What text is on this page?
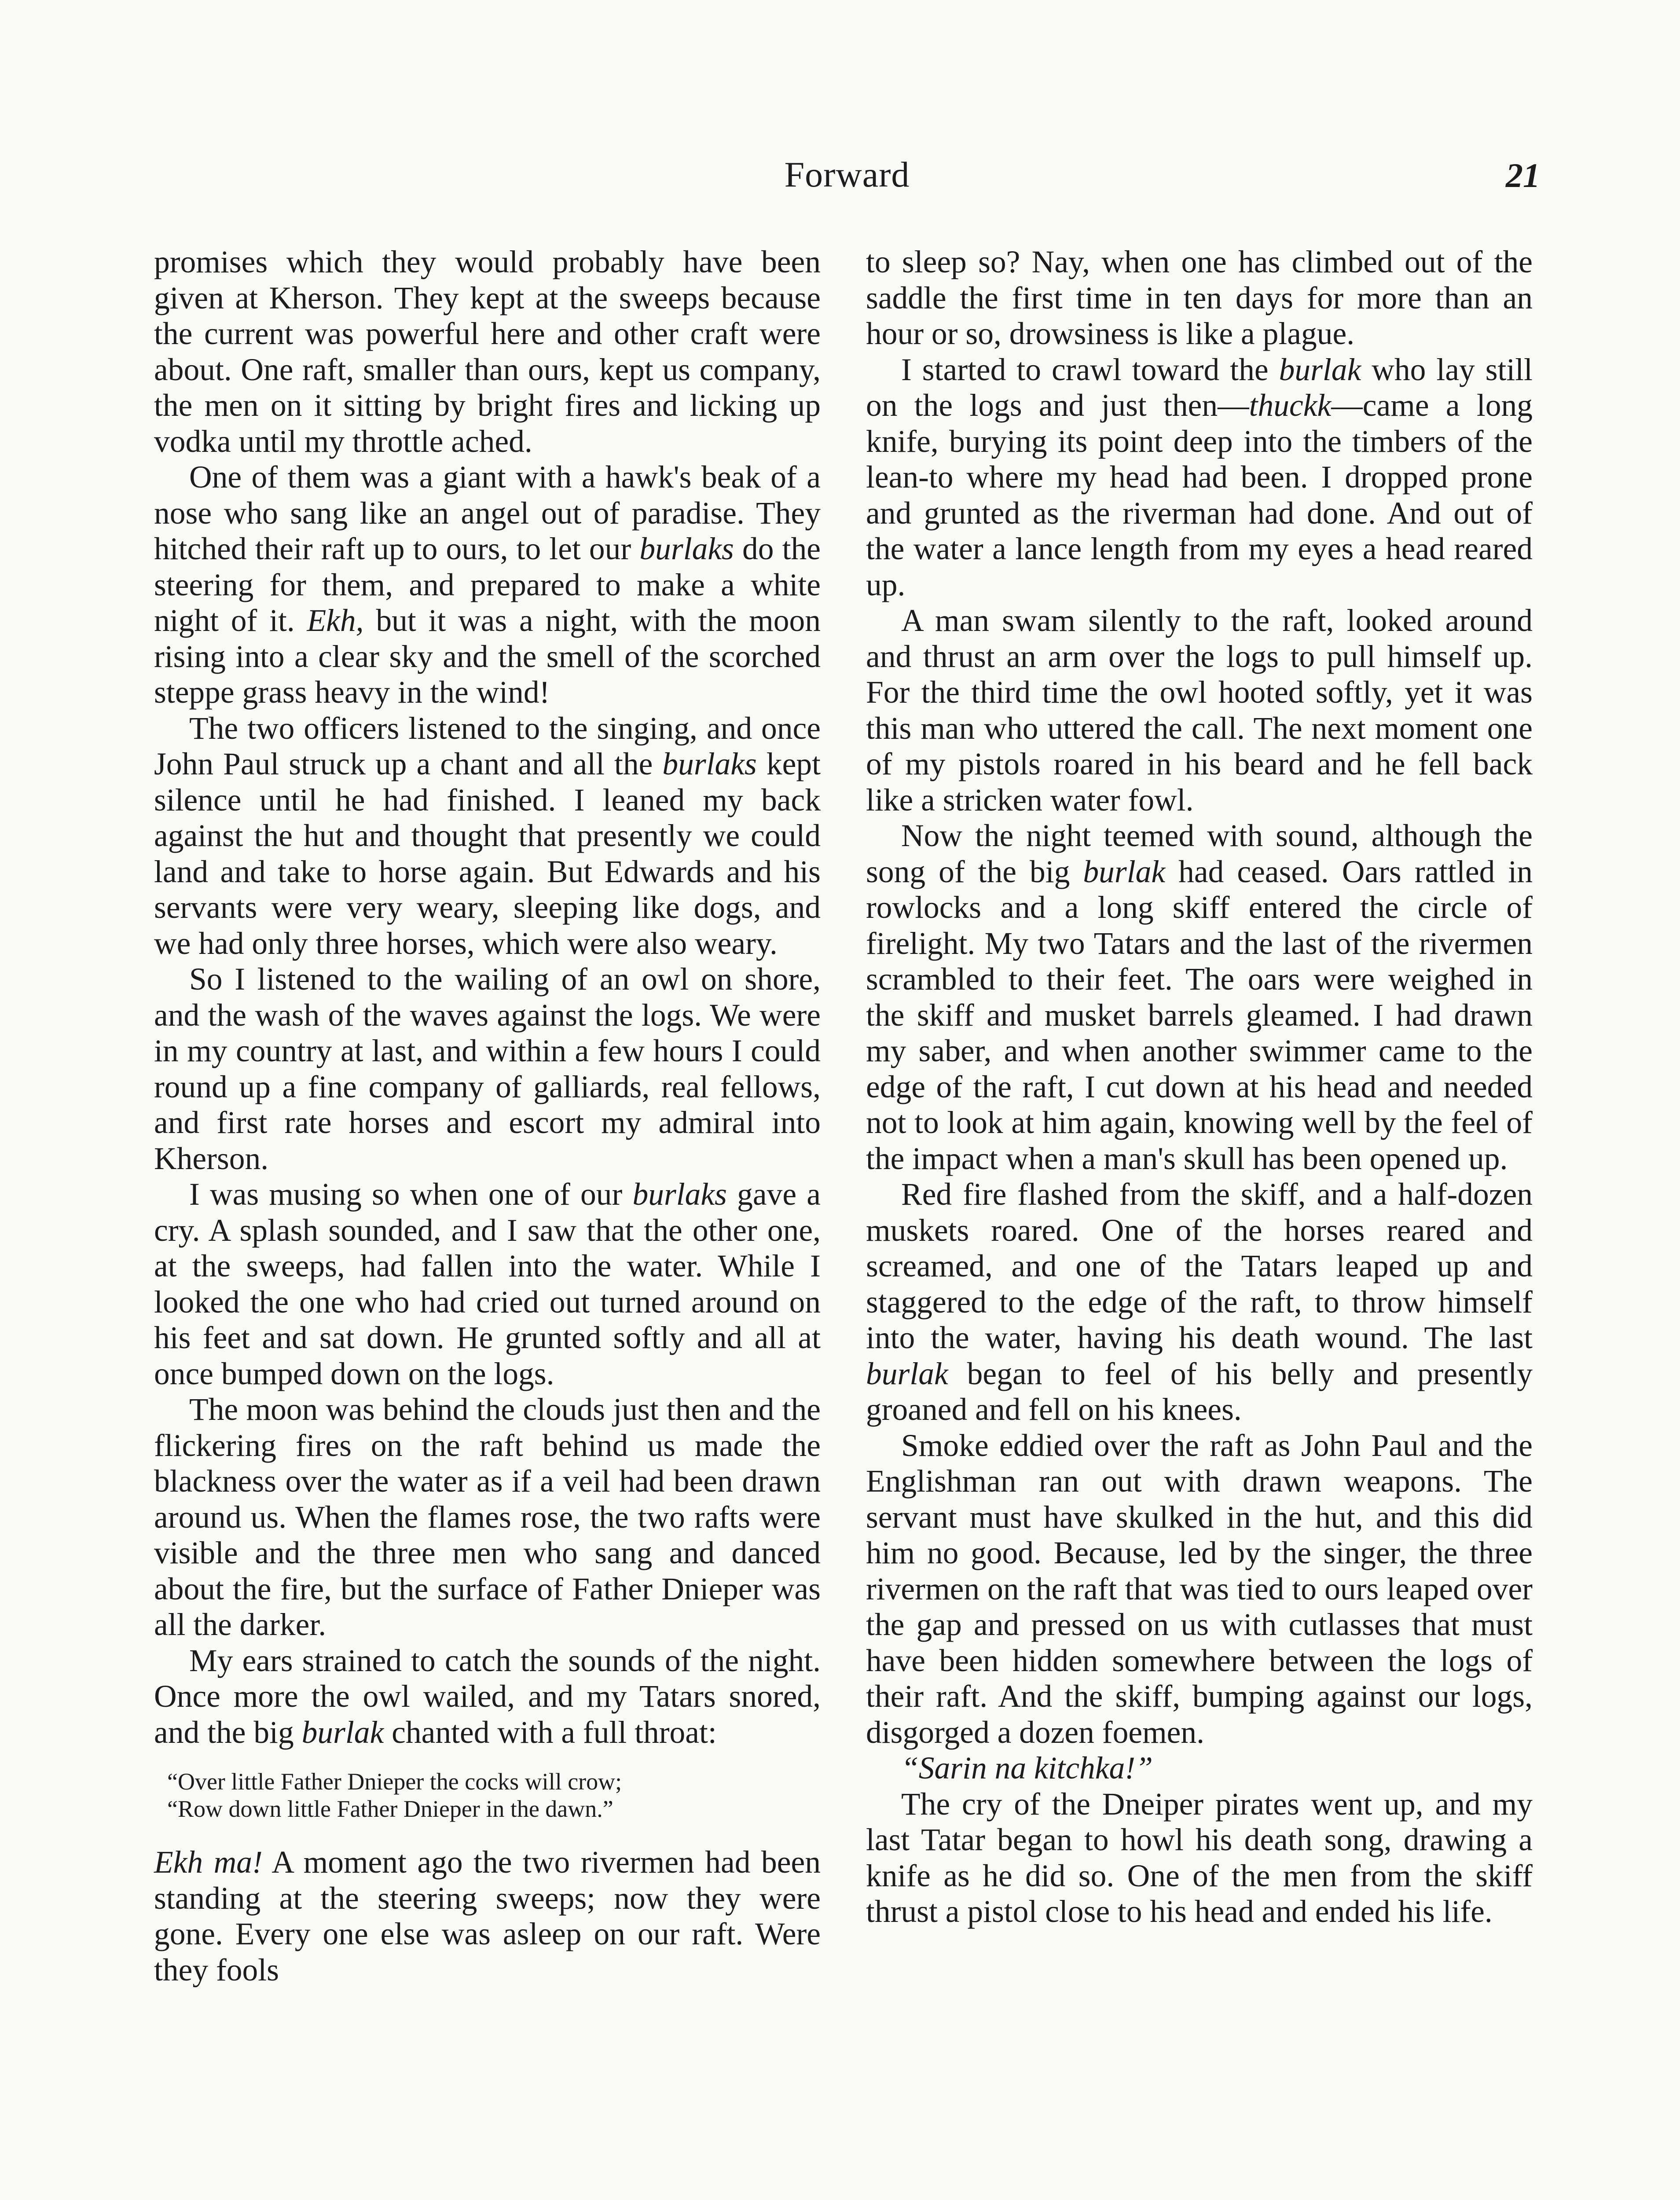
Forward	21

promises which they would probably have been given at Kherson. They kept at the sweeps because the current was powerful here and other craft were about. One raft, smaller than ours, kept us company, the men on it sitting by bright fires and licking up vodka until my throttle ached.

One of them was a giant with a hawk's beak of a nose who sang like an angel out of paradise. They hitched their raft up to ours, to let our burlaks do the steering for them, and prepared to make a white night of it. Ekh, but it was a night, with the moon rising into a clear sky and the smell of the scorched steppe grass heavy in the wind!

The two officers listened to the singing, and once John Paul struck up a chant and all the burlaks kept silence until he had finished. I leaned my back against the hut and thought that presently we could land and take to horse again. But Edwards and his servants were very weary, sleeping like dogs, and we had only three horses, which were also weary.

So I listened to the wailing of an owl on shore, and the wash of the waves against the logs. We were in my country at last, and within a few hours I could round up a fine company of galliards, real fellows, and first rate horses and escort my admiral into Kherson.

I was musing so when one of our burlaks gave a cry. A splash sounded, and I saw that the other one, at the sweeps, had fallen into the water. While I looked the one who had cried out turned around on his feet and sat down. He grunted softly and all at once bumped down on the logs.

The moon was behind the clouds just then and the flickering fires on the raft behind us made the blackness over the water as if a veil had been drawn around us. When the flames rose, the two rafts were visible and the three men who sang and danced about the fire, but the surface of Father Dnieper was all the darker.

My ears strained to catch the sounds of the night. Once more the owl wailed, and my Tatars snored, and the big burlak chanted with a full throat:

“Over little Father Dnieper the cocks will crow;
“Row down little Father Dnieper in the dawn.”

Ekh ma! A moment ago the two rivermen had been standing at the steering sweeps; now they were gone. Every one else was asleep on our raft. Were they fools

to sleep so? Nay, when one has climbed out of the saddle the first time in ten days for more than an hour or so, drowsiness is like a plague.

I started to crawl toward the burlak who lay still on the logs and just then—thuckk—came a long knife, burying its point deep into the timbers of the lean-to where my head had been. I dropped prone and grunted as the riverman had done. And out of the water a lance length from my eyes a head reared up.

A man swam silently to the raft, looked around and thrust an arm over the logs to pull himself up. For the third time the owl hooted softly, yet it was this man who uttered the call. The next moment one of my pistols roared in his beard and he fell back like a stricken water fowl.

Now the night teemed with sound, although the song of the big burlak had ceased. Oars rattled in rowlocks and a long skiff entered the circle of firelight. My two Tatars and the last of the rivermen scrambled to their feet. The oars were weighed in the skiff and musket barrels gleamed. I had drawn my saber, and when another swimmer came to the edge of the raft, I cut down at his head and needed not to look at him again, knowing well by the feel of the impact when a man's skull has been opened up.

Red fire flashed from the skiff, and a half-dozen muskets roared. One of the horses reared and screamed, and one of the Tatars leaped up and staggered to the edge of the raft, to throw himself into the water, having his death wound. The last burlak began to feel of his belly and presently groaned and fell on his knees.

Smoke eddied over the raft as John Paul and the Englishman ran out with drawn weapons. The servant must have skulked in the hut, and this did him no good. Because, led by the singer, the three rivermen on the raft that was tied to ours leaped over the gap and pressed on us with cutlasses that must have been hidden somewhere between the logs of their raft. And the skiff, bumping against our logs, disgorged a dozen foemen.

“Sarin na kitchka!”

The cry of the Dneiper pirates went up, and my last Tatar began to howl his death song, drawing a knife as he did so. One of the men from the skiff thrust a pistol close to his head and ended his life.
